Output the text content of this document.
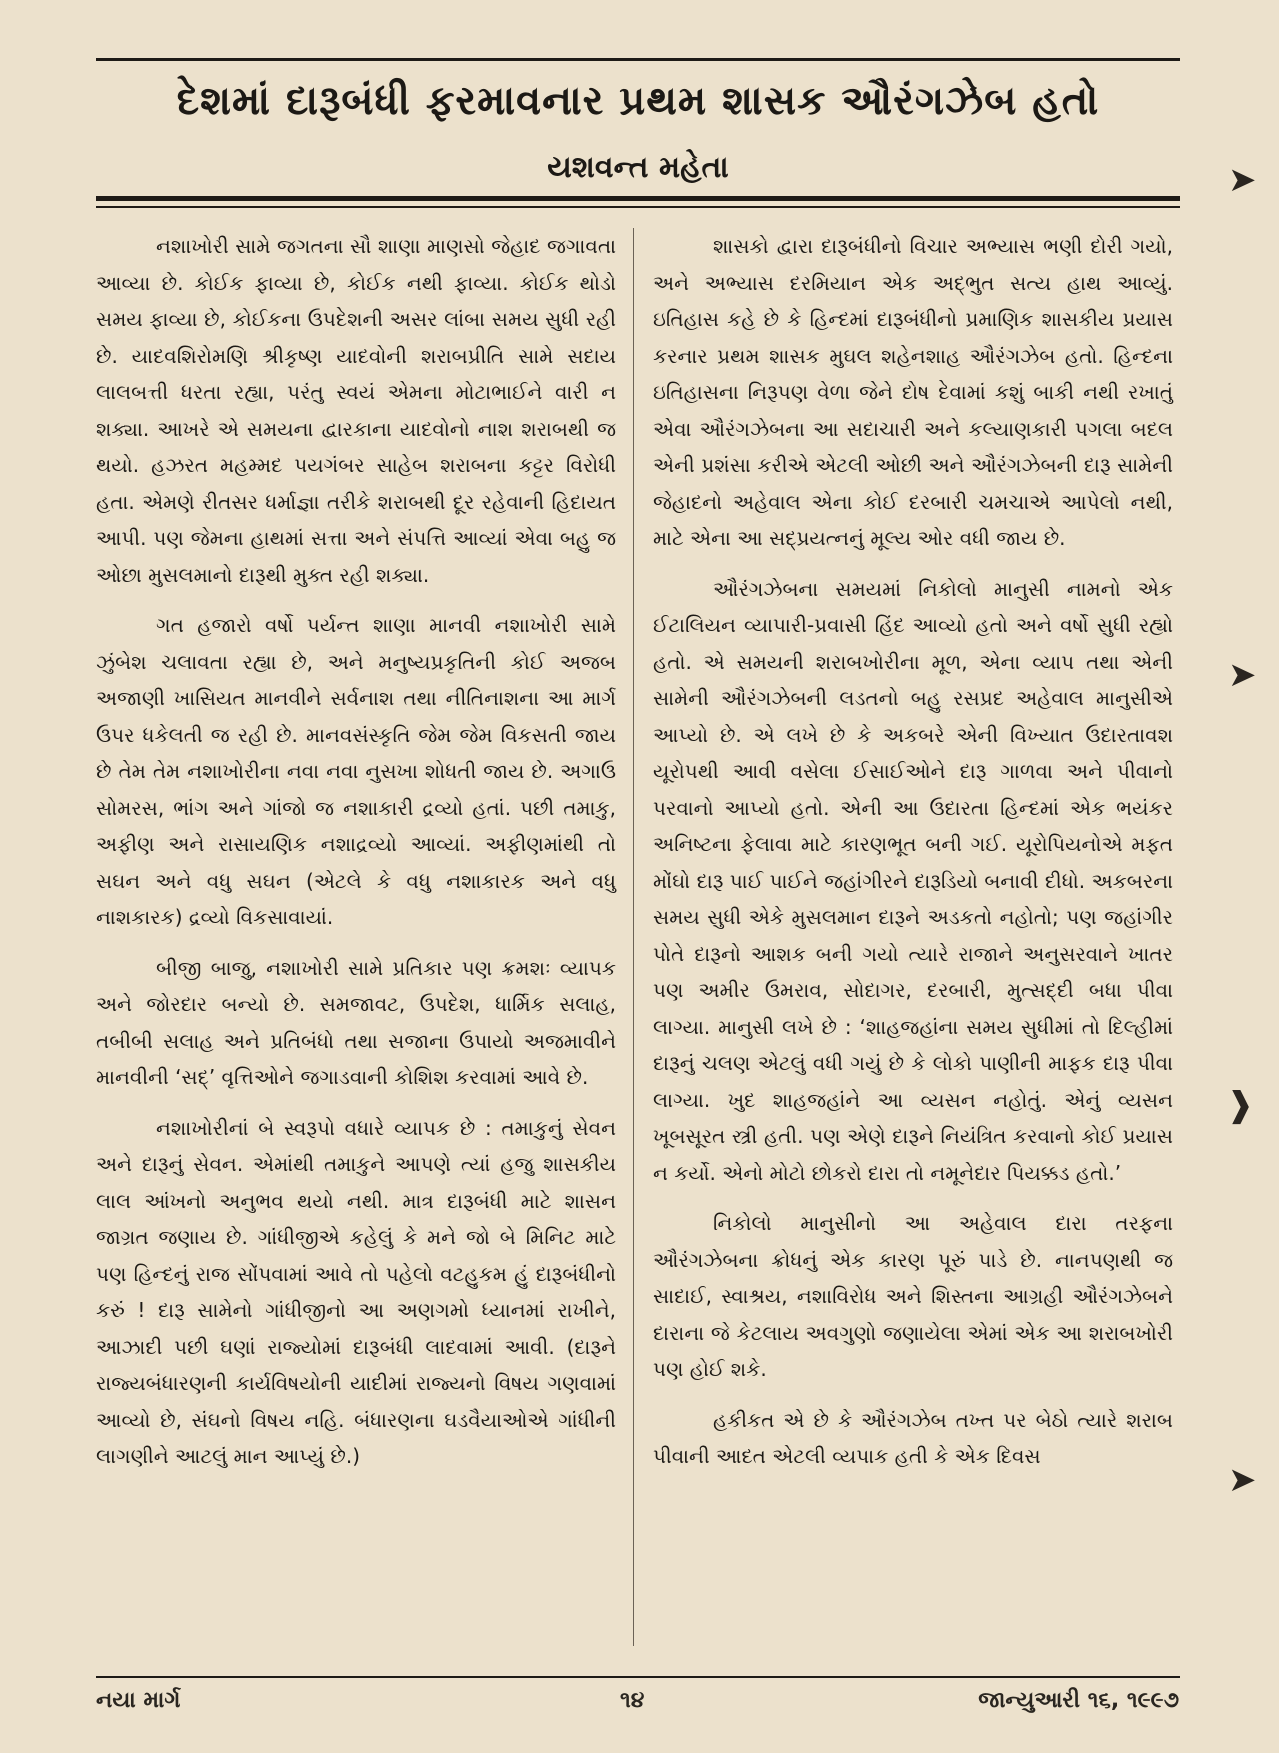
દેશમાં દારૂબંધી ફરમાવનાર પ્રથમ શાસક ઔરંગઝેબ હતો
યશવન્ત મહેતા

નશાખોરી સામે જગતના સૌ શાણા માણસો જેહાદ જગાવતા આવ્યા છે. કોઈક ફાવ્યા છે, કોઈક નથી ફાવ્યા. કોઈક થોડો સમય ફાવ્યા છે, કોઈકના ઉપદેશની અસર લાંબા સમય સુધી રહી છે. યાદવશિરોમણિ શ્રીકૃષ્ણ યાદવોની શરાબપ્રીતિ સામે સદાય લાલબત્તી ધરતા રહ્યા, પરંતુ સ્વયં એમના મોટાભાઈને વારી ન શક્યા. આખરે એ સમયના દ્વારકાના યાદવોનો નાશ શરાબથી જ થયો. હઝરત મહમ્મદ પયગંબર સાહેબ શરાબના કટ્ટર વિરોધી હતા. એમણે રીતસર ધર્માજ્ઞા તરીકે શરાબથી દૂર રહેવાની હિદાયત આપી. પણ જેમના હાથમાં સત્તા અને સંપત્તિ આવ્યાં એવા બહુ જ ઓછા મુસલમાનો દારૂથી મુક્ત રહી શક્યા.

ગત હજારો વર્ષો પર્યન્ત શાણા માનવી નશાખોરી સામે ઝુંબેશ ચલાવતા રહ્યા છે, અને મનુષ્યપ્રકૃતિની કોઈ અજબ અજાણી ખાસિયત માનવીને સર્વનાશ તથા નીતિનાશના આ માર્ગ ઉપર ધકેલતી જ રહી છે. માનવસંસ્કૃતિ જેમ જેમ વિકસતી જાય છે તેમ તેમ નશાખોરીના નવા નવા નુસખા શોધતી જાય છે. અગાઉ સોમરસ, ભાંગ અને ગાંજો જ નશાકારી દ્રવ્યો હતાં. પછી તમાકુ, અફીણ અને રાસાયણિક નશાદ્રવ્યો આવ્યાં. અફીણમાંથી તો સઘન અને વધુ સઘન (એટલે કે વધુ નશાકારક અને વધુ નાશકારક) દ્રવ્યો વિકસાવાયાં.

બીજી બાજુ, નશાખોરી સામે પ્રતિકાર પણ ક્રમશઃ વ્યાપક અને જોરદાર બન્યો છે. સમજાવટ, ઉપદેશ, ધાર્મિક સલાહ, તબીબી સલાહ અને પ્રતિબંધો તથા સજાના ઉપાયો અજમાવીને માનવીની ‘સદ્’ વૃત્તિઓને જગાડવાની કોશિશ કરવામાં આવે છે.

નશાખોરીનાં બે સ્વરૂપો વધારે વ્યાપક છે : તમાકુનું સેવન અને દારૂનું સેવન. એમાંથી તમાકુને આપણે ત્યાં હજુ શાસકીય લાલ આંખનો અનુભવ થયો નથી. માત્ર દારૂબંધી માટે શાસન જાગ્રત જણાય છે. ગાંધીજીએ કહેલું કે મને જો બે મિનિટ માટે પણ હિન્દનું રાજ સોંપવામાં આવે તો પહેલો વટહુકમ હું દારૂબંધીનો કરું ! દારૂ સામેનો ગાંધીજીનો આ અણગમો ધ્યાનમાં રાખીને, આઝાદી પછી ઘણાં રાજ્યોમાં દારૂબંધી લાદવામાં આવી. (દારૂને રાજ્યબંધારણની કાર્યવિષયોની યાદીમાં રાજ્યનો વિષય ગણવામાં આવ્યો છે, સંઘનો વિષય નહિ. બંધારણના ઘડવૈયાઓએ ગાંધીની લાગણીને આટલું માન આપ્યું છે.)

શાસકો દ્વારા દારૂબંધીનો વિચાર અભ્યાસ ભણી દોરી ગયો, અને અભ્યાસ દરમિયાન એક અદ્ભુત સત્ય હાથ આવ્યું. ઇતિહાસ કહે છે કે હિન્દમાં દારૂબંધીનો પ્રમાણિક શાસકીય પ્રયાસ કરનાર પ્રથમ શાસક મુઘલ શહેનશાહ ઔરંગઝેબ હતો. હિન્દના ઇતિહાસના નિરૂપણ વેળા જેને દોષ દેવામાં કશું બાકી નથી રખાતું એવા ઔરંગઝેબના આ સદાચારી અને કલ્યાણકારી પગલા બદલ એની પ્રશંસા કરીએ એટલી ઓછી અને ઔરંગઝેબની દારૂ સામેની જેહાદનો અહેવાલ એના કોઈ દરબારી ચમચાએ આપેલો નથી, માટે એના આ સદ્પ્રયત્નનું મૂલ્ય ઓર વધી જાય છે.

ઔરંગઝેબના સમયમાં નિકોલો માનુસી નામનો એક ઈટાલિયન વ્યાપારી-પ્રવાસી હિંદ આવ્યો હતો અને વર્ષો સુધી રહ્યો હતો. એ સમયની શરાબખોરીના મૂળ, એના વ્યાપ તથા એની સામેની ઔરંગઝેબની લડતનો બહુ રસપ્રદ અહેવાલ માનુસીએ આપ્યો છે. એ લખે છે કે અકબરે એની વિખ્યાત ઉદારતાવશ યૂરોપથી આવી વસેલા ઈસાઈઓને દારૂ ગાળવા અને પીવાનો પરવાનો આપ્યો હતો. એની આ ઉદારતા હિન્દમાં એક ભયંકર અનિષ્ટના ફેલાવા માટે કારણભૂત બની ગઈ. યૂરોપિયનોએ મફત મોંઘો દારૂ પાઈ પાઈને જહાંગીરને દારૂડિયો બનાવી દીધો. અકબરના સમય સુધી એકે મુસલમાન દારૂને અડકતો નહોતો; પણ જહાંગીર પોતે દારૂનો આશક બની ગયો ત્યારે રાજાને અનુસરવાને ખાતર પણ અમીર ઉમરાવ, સોદાગર, દરબારી, મુત્સદ્દી બધા પીવા લાગ્યા. માનુસી લખે છે : ‘શાહજહાંના સમય સુધીમાં તો દિલ્હીમાં દારૂનું ચલણ એટલું વધી ગયું છે કે લોકો પાણીની માફક દારૂ પીવા લાગ્યા. ખુદ શાહજહાંને આ વ્યસન નહોતું. એનું વ્યસન ખૂબસૂરત સ્ત્રી હતી. પણ એણે દારૂને નિયંત્રિત કરવાનો કોઈ પ્રયાસ ન કર્યો. એનો મોટો છોકરો દારા તો નમૂનેદાર પિયક્કડ હતો.’

નિકોલો માનુસીનો આ અહેવાલ દારા તરફના ઔરંગઝેબના ક્રોધનું એક કારણ પૂરું પાડે છે. નાનપણથી જ સાદાઈ, સ્વાશ્રય, નશાવિરોધ અને શિસ્તના આગ્રહી ઔરંગઝેબને દારાના જે કેટલાય અવગુણો જણાયેલા એમાં એક આ શરાબખોરી પણ હોઈ શકે.

હકીકત એ છે કે ઔરંગઝેબ તખ્ત પર બેઠો ત્યારે શરાબ પીવાની આદત એટલી વ્યપાક હતી કે એક દિવસ

નયા માર્ગ	૧૪	જાન્યુઆરી ૧૬, ૧૯૯૭
➤
➤
❱
➤
